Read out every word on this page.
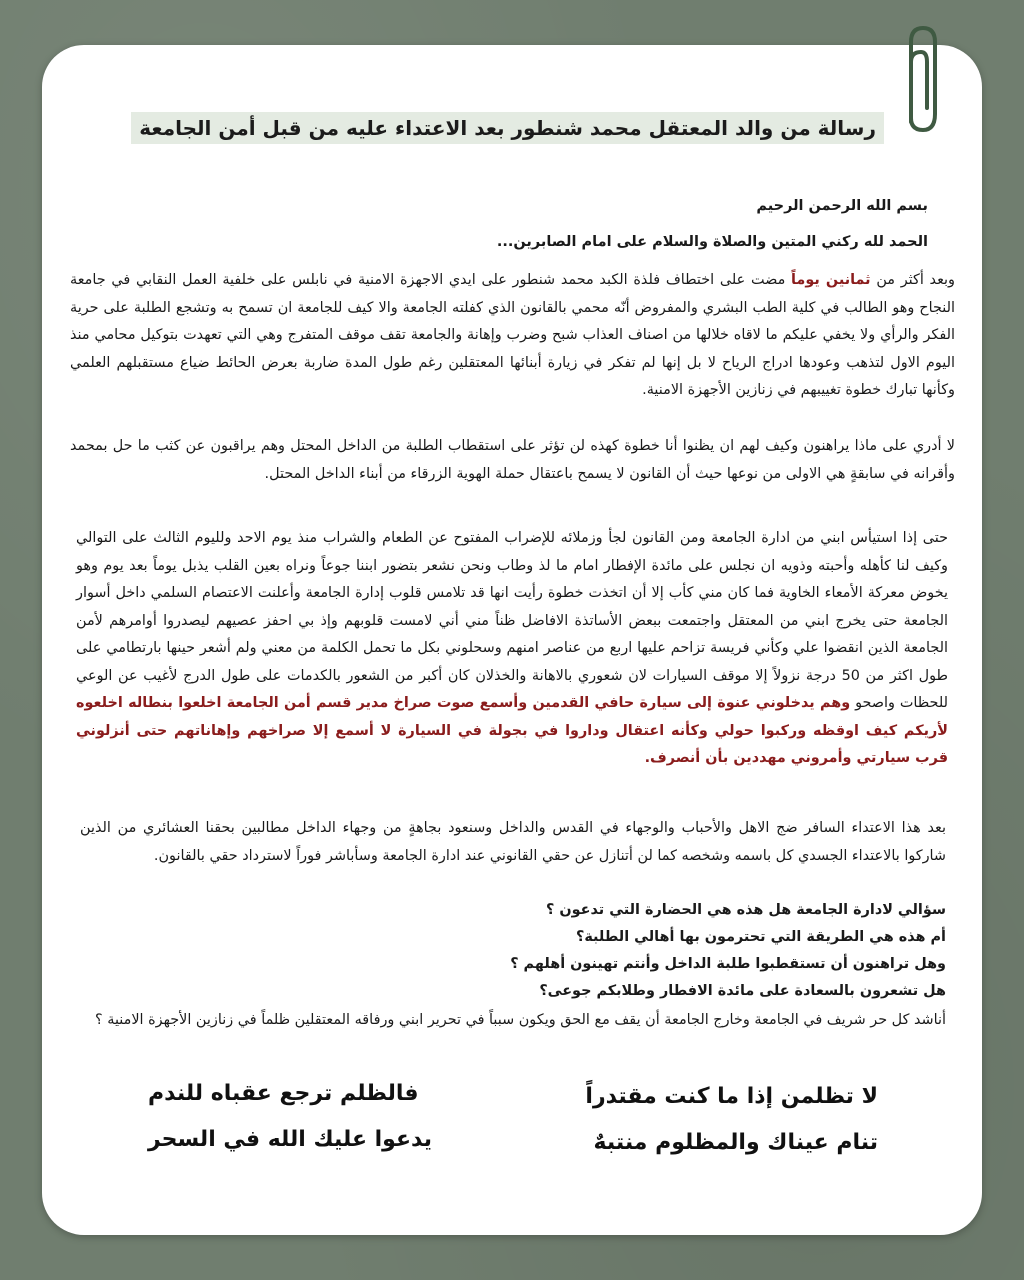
رسالة من والد المعتقل محمد شنطور بعد الاعتداء عليه من قبل أمن الجامعة
بسم الله الرحمن الرحيم
الحمد لله ركني المتين والصلاة والسلام على امام الصابرين...

وبعد أكثر من ثمانين يوماً مضت على اختطاف فلذة الكبد محمد شنطور على ايدي الاجهزة الامنية في نابلس على خلفية العمل النقابي في جامعة النجاح وهو الطالب في كلية الطب البشري والمفروض أنّه محمي بالقانون الذي كفلته الجامعة والا كيف للجامعة ان تسمح به وتشجع الطلبة على حرية الفكر والرأي ولا يخفي عليكم ما لاقاه خلالها من اصناف العذاب شبح وضرب وإهانة والجامعة تقف موقف المتفرج وهي التي تعهدت بتوكيل محامي منذ اليوم الاول لتذهب وعودها ادراج الرياح لا بل إنها لم تفكر في زيارة أبنائها المعتقلين رغم طول المدة ضاربة بعرض الحائط ضياع مستقبلهم العلمي وكأنها تبارك خطوة تغييبهم في زنازين الأجهزة الامنية.

لا أدري على ماذا يراهنون وكيف لهم ان يظنوا أنا خطوة كهذه لن تؤثر على استقطاب الطلبة من الداخل المحتل وهم يراقبون عن كثب ما حل بمحمد وأقرانه في سابقةٍ هي الاولى من نوعها حيث أن القانون لا يسمح باعتقال حملة الهوية الزرقاء من أبناء الداخل المحتل.

حتى إذا استيأس ابني من ادارة الجامعة ومن القانون لجأ وزملائه للإضراب المفتوح عن الطعام والشراب منذ يوم الاحد ولليوم الثالث على التوالي وكيف لنا كأهله وأحبته وذويه ان نجلس على مائدة الإفطار امام ما لذ وطاب ونحن نشعر بتضور ابننا جوعاً ونراه بعين القلب يذبل يوماً بعد يوم وهو يخوض معركة الأمعاء الخاوية فما كان مني كأب إلا أن اتخذت خطوة رأيت انها قد تلامس قلوب إدارة الجامعة وأعلنت الاعتصام السلمي داخل أسوار الجامعة حتى يخرج ابني من المعتقل واجتمعت ببعض الأساتذة الافاضل ظناً مني أني لامست قلوبهم وإذ بي احفز عصيهم ليصدروا أوامرهم لأمن الجامعة الذين انقضوا علي وكأني فريسة تزاحم عليها اربع من عناصر امنهم وسحلوني بكل ما تحمل الكلمة من معني ولم أشعر حينها بارتطامي على طول اكثر من 50 درجة نزولاً إلا موقف السيارات لان شعوري بالاهانة والخذلان كان أكبر من الشعور بالكدمات على طول الدرج لأغيب عن الوعي للحظات واصحو وهم يدخلوني عنوة إلى سيارة حافي القدمين وأسمع صوت صراخ مدير قسم أمن الجامعة اخلعوا بنطاله اخلعوه لأريكم كيف اوقظه وركبوا حولي وكأنه اعتقال وداروا في بجولة في السيارة لا أسمع إلا صراخهم وإهاناتهم حتى أنزلوني قرب سيارتي وأمروني مهددين بأن أنصرف.

بعد هذا الاعتداء السافر ضج الاهل والأحباب والوجهاء في القدس والداخل وسنعود بجاهةٍ من وجهاء الداخل مطالبين بحقنا العشائري من الذين شاركوا بالاعتداء الجسدي كل باسمه وشخصه كما لن أتنازل عن حقي القانوني عند ادارة الجامعة وسأباشر فوراً لاسترداد حقي بالقانون.

سؤالي لادارة الجامعة هل هذه هي الحضارة التي تدعون ؟

أم هذه هي الطريقة التي تحترمون بها أهالي الطلبة؟

وهل تراهنون أن تستقطبوا طلبة الداخل وأنتم تهينون أهلهم ؟

هل تشعرون بالسعادة على مائدة الافطار وطلابكم جوعى؟

أناشد كل حر شريف في الجامعة وخارج الجامعة أن يقف مع الحق ويكون سبباً في تحرير ابني ورفاقه المعتقلين ظلماً في زنازين الأجهزة الامنية ؟

لا تظلمن إذا ما كنت مقتدراً
تنام عيناك والمظلوم منتبهٌ
فالظلم ترجع عقباه للندم
يدعوا عليك الله في السحر
